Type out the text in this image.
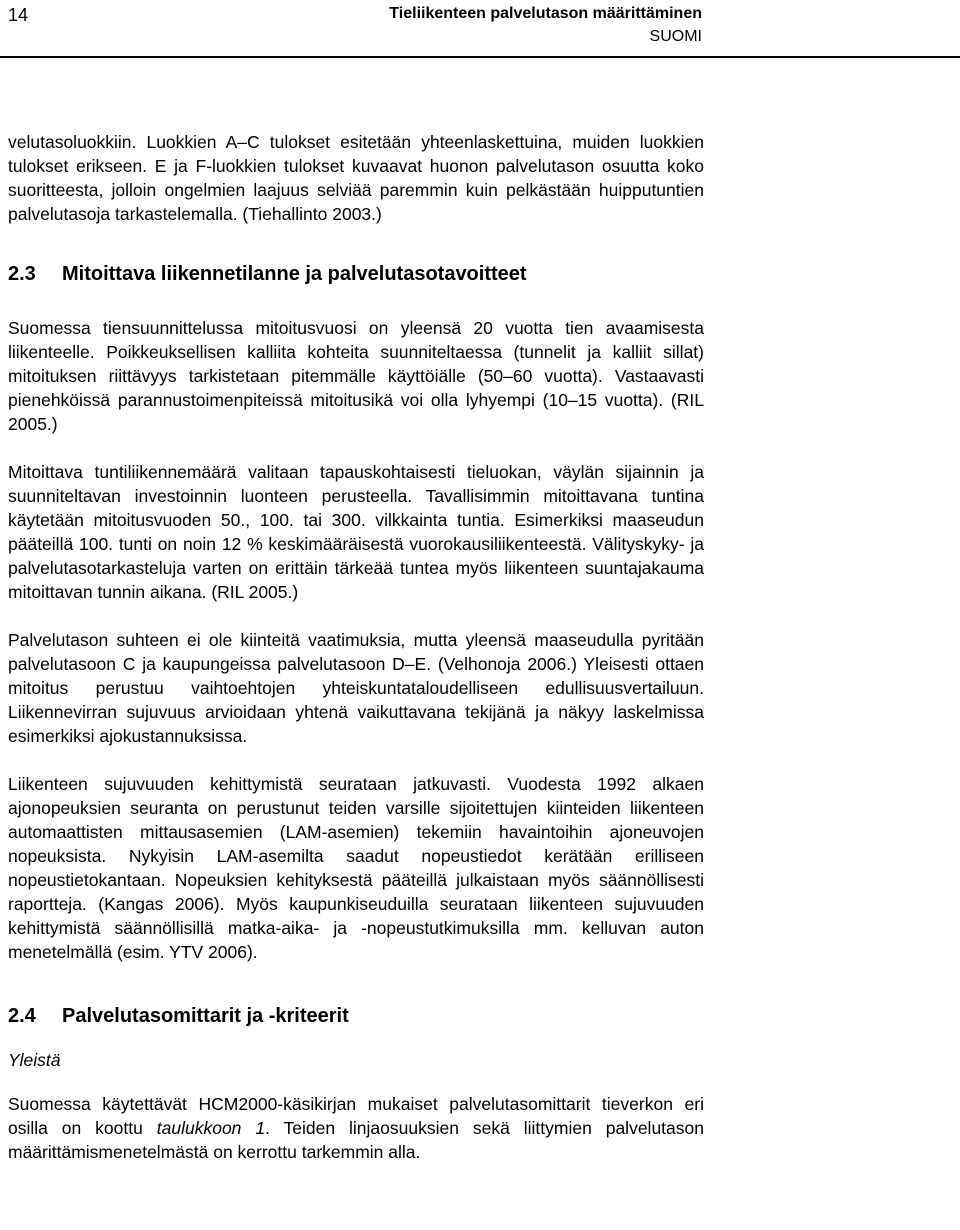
14	Tieliikenteen palvelutason määrittäminen
SUOMI

velutasoluokkiin. Luokkien A–C tulokset esitetään yhteenlaskettuina, muiden luokkien tulokset erikseen. E ja F-luokkien tulokset kuvaavat huonon palvelutason osuutta koko suoritteesta, jolloin ongelmien laajuus selviää paremmin kuin pelkästään huipputuntien palvelutasoja tarkastelemalla. (Tiehallinto 2003.)

2.3	Mitoittava liikennetilanne ja palvelutasotavoitteet

Suomessa tiensuunnittelussa mitoitusvuosi on yleensä 20 vuotta tien avaamisesta liikenteelle. Poikkeuksellisen kalliita kohteita suunniteltaessa (tunnelit ja kalliit sillat) mitoituksen riittävyys tarkistetaan pitemmälle käyttöiälle (50–60 vuotta). Vastaavasti pienehköissä parannustoimenpiteissä mitoitusikä voi olla lyhyempi (10–15 vuotta). (RIL 2005.)

Mitoittava tuntiliikennemäärä valitaan tapauskohtaisesti tieluokan, väylän sijainnin ja suunniteltavan investoinnin luonteen perusteella. Tavallisimmin mitoittavana tuntina käytetään mitoitusvuoden 50., 100. tai 300. vilkkainta tuntia. Esimerkiksi maaseudun pääteillä 100. tunti on noin 12 % keskimääräisestä vuorokausiliikenteestä. Välityskyky- ja palvelutasotarkasteluja varten on erittäin tärkeää tuntea myös liikenteen suuntajakauma mitoittavan tunnin aikana. (RIL 2005.)

Palvelutason suhteen ei ole kiinteitä vaatimuksia, mutta yleensä maaseudulla pyritään palvelutasoon C ja kaupungeissa palvelutasoon D–E. (Velhonoja 2006.) Yleisesti ottaen mitoitus perustuu vaihtoehtojen yhteiskuntataloudelliseen edullisuusvertailuun. Liikennevirran sujuvuus arvioidaan yhtenä vaikuttavana tekijänä ja näkyy laskelmissa esimerkiksi ajokustannuksissa.

Liikenteen sujuvuuden kehittymistä seurataan jatkuvasti. Vuodesta 1992 alkaen ajonopeuksien seuranta on perustunut teiden varsille sijoitettujen kiinteiden liikenteen automaattisten mittausasemien (LAM-asemien) tekemiin havaintoihin ajoneuvojen nopeuksista. Nykyisin LAM-asemilta saadut nopeustiedot kerätään erilliseen nopeustietokantaan. Nopeuksien kehityksestä pääteillä julkaistaan myös säännöllisesti raportteja. (Kangas 2006). Myös kaupunkiseuduilla seurataan liikenteen sujuvuuden kehittymistä säännöllisillä matka-aika- ja -nopeustutkimuksilla mm. kelluvan auton menetelmällä (esim. YTV 2006).

2.4	Palvelutasomittarit ja -kriteerit
Yleistä

Suomessa käytettävät HCM2000-käsikirjan mukaiset palvelutasomittarit tieverkon eri osilla on koottu taulukkoon 1. Teiden linjaosuuksien sekä liittymien palvelutason määrittämismenetelmästä on kerrottu tarkemmin alla.
